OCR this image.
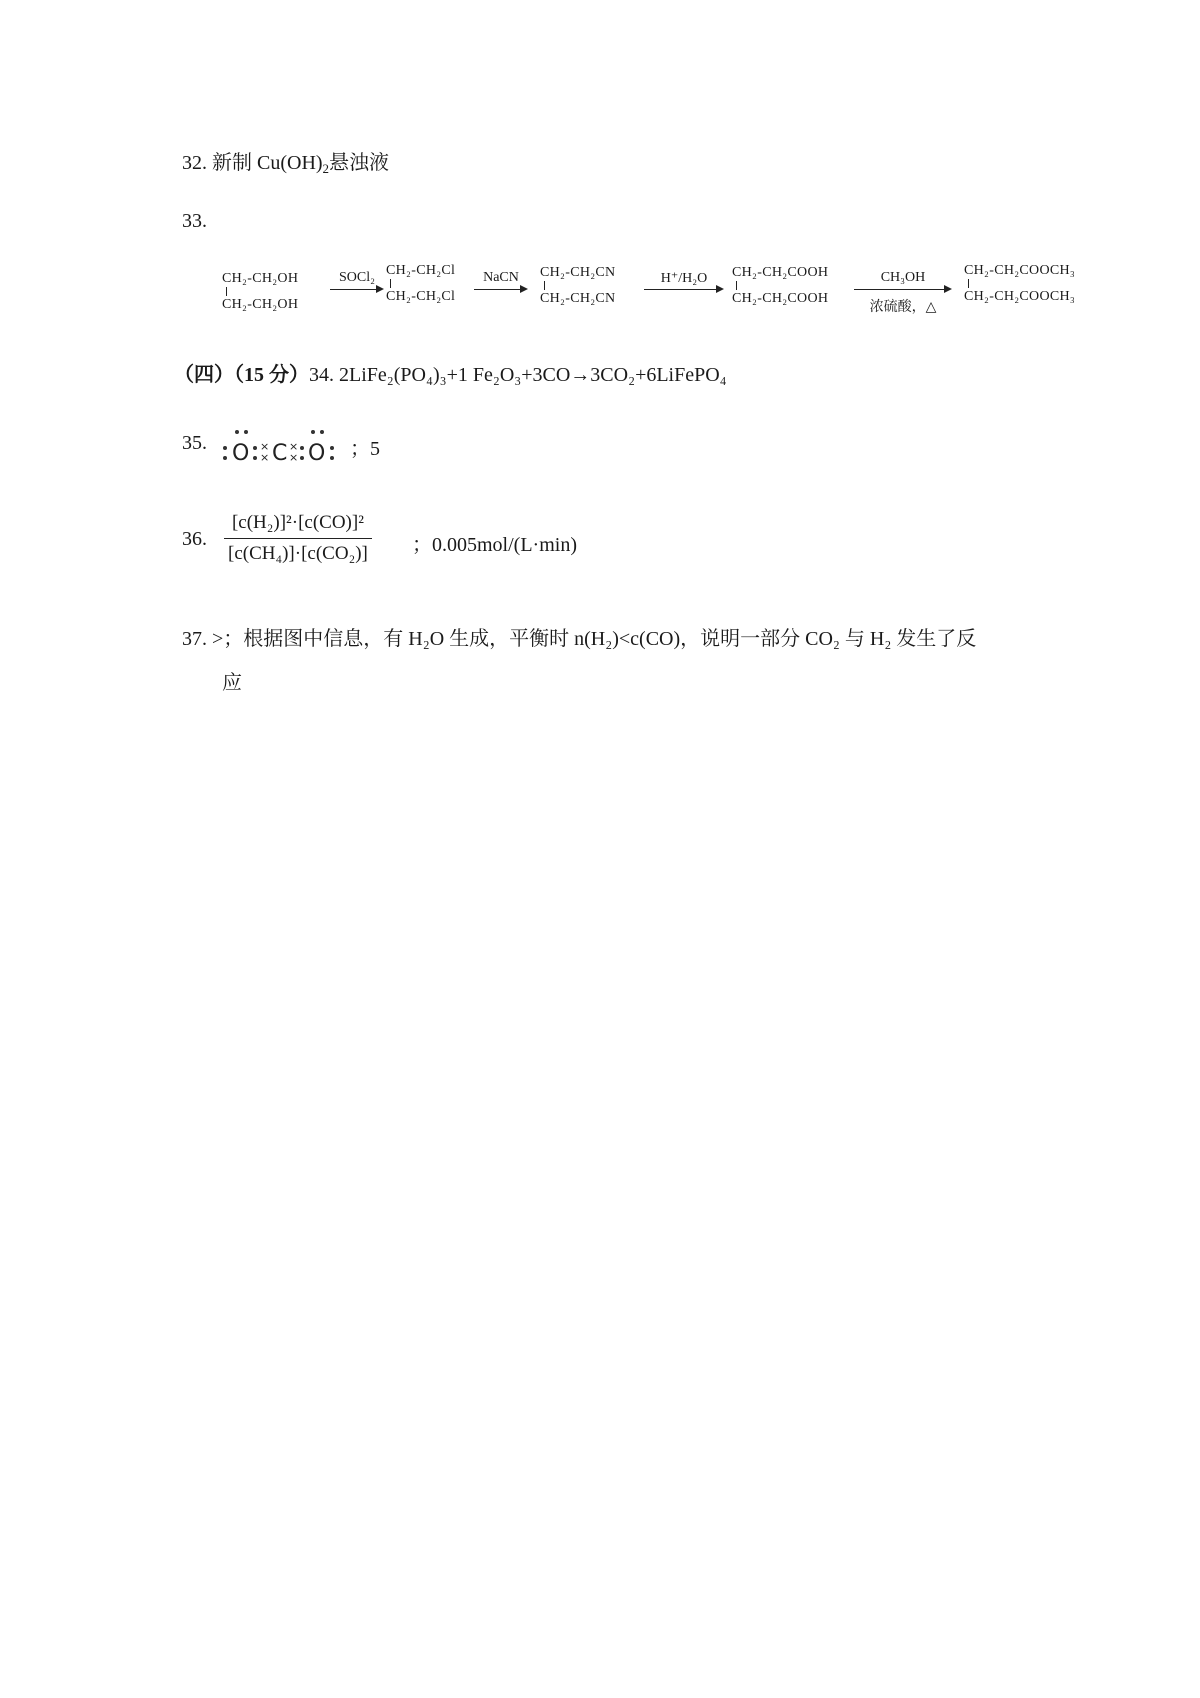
32. 新制 $Cu(OH)_2$悬浊液
33.
CH₂-CH₂OH
CH₂-CH₂OH
SOCl₂ CH₂-CH₂Cl
CH₂-CH₂Cl
NaCN	CH₂-CH₂CN
CH₂-CH₂CN
H⁺/H₂O	CH₂-CH₂COOH
CH₂-CH₂COOH
CH₃OH
浓硫酸，△
CH₂-CH₂COOCH₃
CH₂-CH₂COOCH₃
（四）（15 分）34. 2LiFe₂(PO₄)₃+1 Fe₂O₃+3CO→3CO₂+6LiFePO₄
35. O ×
× C ×
× O ；5
36. $\frac{\text{[c(H₂)]²·[c(CO)]²}}{\text{[c(CH₄)]·[c(CO₂)]}}$ ；0.005mol/(L·min)
37. >；根据图中信息，有 H₂O 生成，平衡时 n(H₂)<c(CO)，说明一部分 CO₂ 与 H₂ 发生了反
应
